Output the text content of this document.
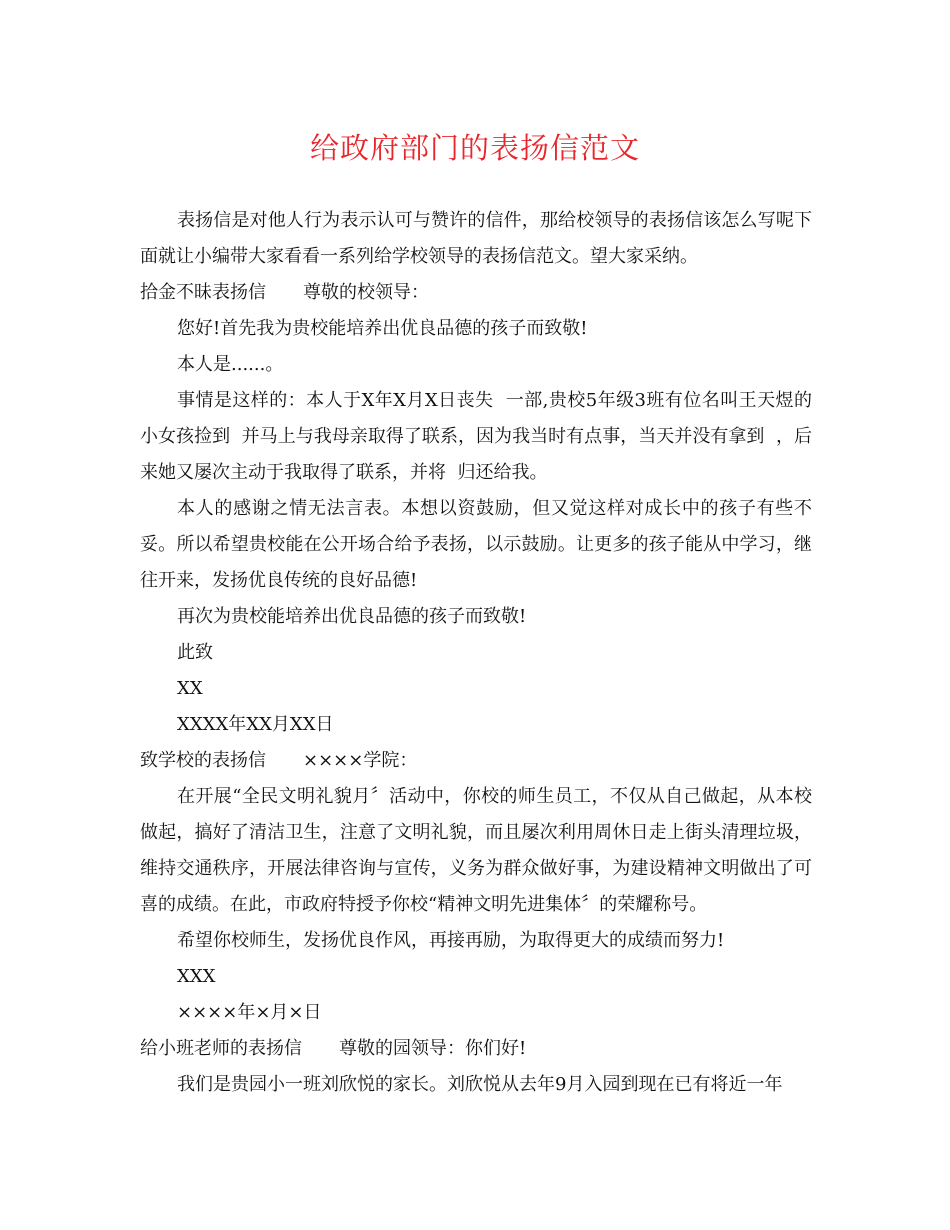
给政府部门的表扬信范文

表扬信是对他人行为表示认可与赞许的信件，那给校领导的表扬信该怎么写呢下面就让小编带大家看看一系列给学校领导的表扬信范文。望大家采纳。

拾金不昧表扬信 尊敬的校领导：

您好!首先我为贵校能培养出优良品德的孩子而致敬!

本人是......。

事情是这样的：本人于X年X月X日丧失  一部,贵校5年级3班有位名叫王天煜的小女孩捡到  并马上与我母亲取得了联系，因为我当时有点事，当天并没有拿到  ，后来她又屡次主动于我取得了联系，并将  归还给我。

本人的感谢之情无法言表。本想以资鼓励，但又觉这样对成长中的孩子有些不妥。所以希望贵校能在公开场合给予表扬，以示鼓励。让更多的孩子能从中学习，继往开来，发扬优良传统的良好品德!

再次为贵校能培养出优良品德的孩子而致敬!

此致

XX

XXXX年XX月XX日

致学校的表扬信 ××××学院：

在开展“全民文明礼貌月〞活动中，你校的师生员工，不仅从自己做起，从本校做起，搞好了清洁卫生，注意了文明礼貌，而且屡次利用周休日走上街头清理垃圾，维持交通秩序，开展法律咨询与宣传，义务为群众做好事，为建设精神文明做出了可喜的成绩。在此，市政府特授予你校“精神文明先进集体〞的荣耀称号。

希望你校师生，发扬优良作风，再接再励，为取得更大的成绩而努力!

XXX

××××年×月×日

给小班老师的表扬信 尊敬的园领导：你们好!

我们是贵园小一班刘欣悦的家长。刘欣悦从去年9月入园到现在已有将近一年
